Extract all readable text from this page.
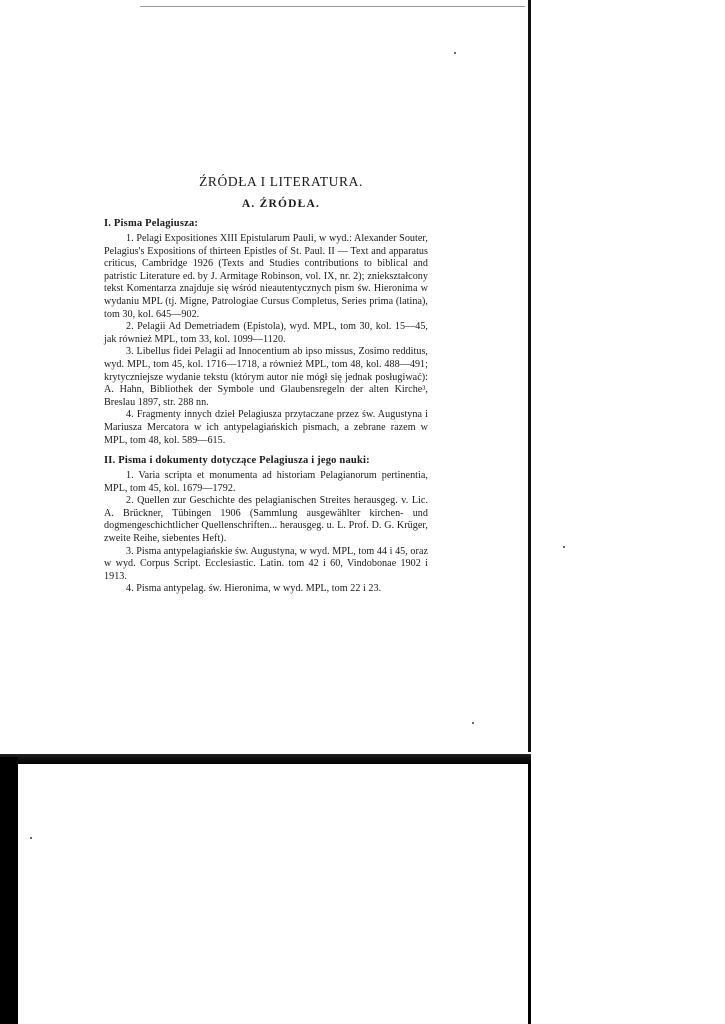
ŹRÓDŁA I LITERATURA.
A. ŹRÓDŁA.
I. Pisma Pelagiusza:

1. Pelagi Expositiones XIII Epistularum Pauli, w wyd.: Alexander Souter, Pelagius's Expositions of thirteen Epistles of St. Paul. II — Text and apparatus criticus, Cambridge 1926 (Texts and Studies contributions to biblical and patristic Literature ed. by J. Armitage Robinson, vol. IX, nr. 2); zniekształcony tekst Komentarza znajduje się wśród nieautentycznych pism św. Hieronima w wydaniu MPL (tj. Migne, Patrologiae Cursus Completus, Series prima (latina), tom 30, kol. 645—902.

2. Pelagii Ad Demetriadem (Epistola), wyd. MPL, tom 30, kol. 15—45, jak również MPL, tom 33, kol. 1099—1120.

3. Libellus fidei Pelagii ad Innocentium ab ipso missus, Zosimo redditus, wyd. MPL, tom 45, kol. 1716—1718, a również MPL, tom 48, kol. 488—491; krytyczniejsze wydanie tekstu (którym autor nie mógł się jednak posługiwać): A. Hahn, Bibliothek der Symbole und Glaubensregeln der alten Kirche³, Breslau 1897, str. 288 nn.

4. Fragmenty innych dzieł Pelagiusza przytaczane przez św. Augustyna i Mariusza Mercatora w ich antypelagiańskich pismach, a zebrane razem w MPL, tom 48, kol. 589—615.

II. Pisma i dokumenty dotyczące Pelagiusza i jego nauki:

1. Varia scripta et monumenta ad historiam Pelagianorum pertinentia, MPL, tom 45, kol. 1679—1792.

2. Quellen zur Geschichte des pelagianischen Streites herausgeg. v. Lic. A. Brückner, Tübingen 1906 (Sammlung ausgewählter kirchen- und dogmengeschichtlicher Quellenschriften... herausgeg. u. L. Prof. D. G. Krüger, zweite Reihe, siebentes Heft).

3. Pisma antypelagiańskie św. Augustyna, w wyd. MPL, tom 44 i 45, oraz w wyd. Corpus Script. Ecclesiastic. Latin. tom 42 i 60, Vindobonae 1902 i 1913.

4. Pisma antypelag. św. Hieronima, w wyd. MPL, tom 22 i 23.
